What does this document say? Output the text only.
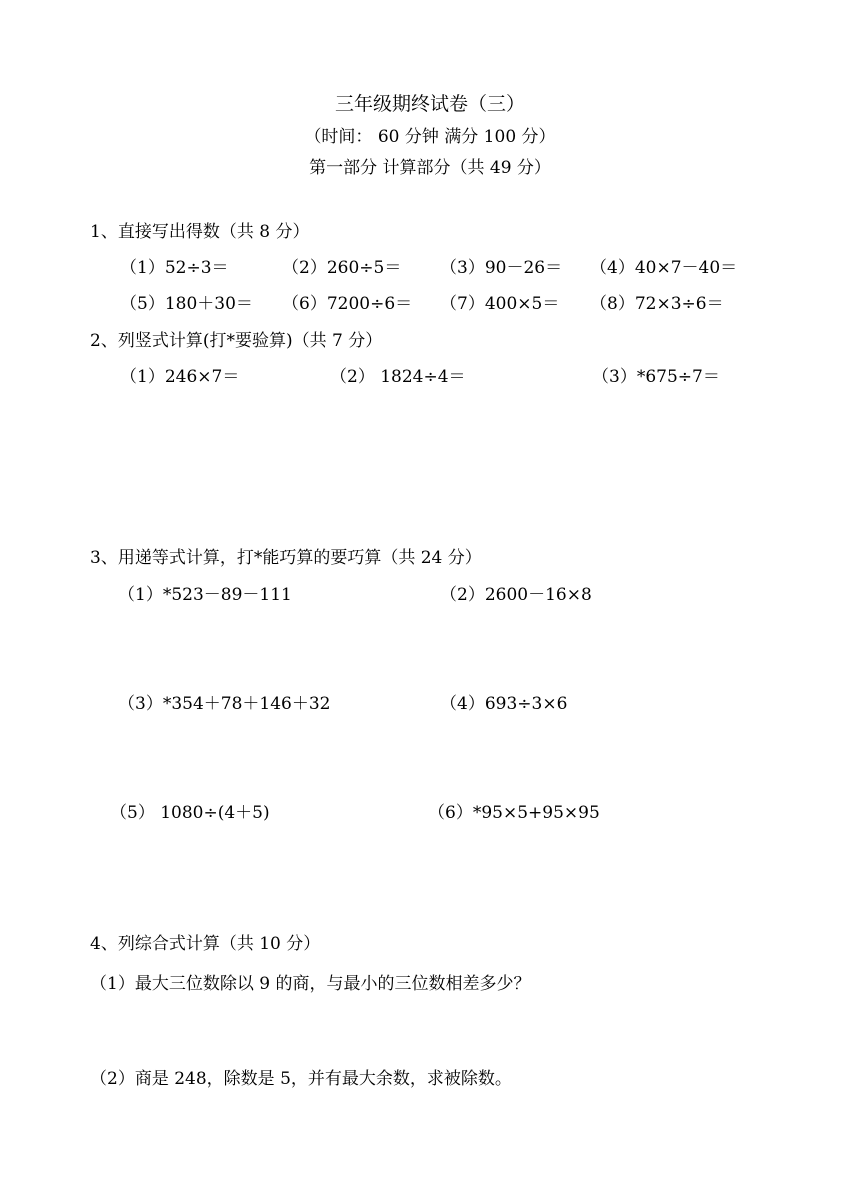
三年级期终试卷（三）
（时间： 60 分钟 满分 100 分）
第一部分 计算部分（共 49 分）
1、直接写出得数（共 8 分）
（1）52÷3＝	（2）260÷5＝ （3）90－26＝ （4）40×7－40＝
（5）180＋30＝ （6）7200÷6＝ （7）400×5＝ （8）72×3÷6＝
2、列竖式计算(打*要验算)（共 7 分）
（1）246×7＝	（2） 1824÷4＝	（3）*675÷7＝
3、用递等式计算，打*能巧算的要巧算（共 24 分）
（1）*523－89－111	（2）2600－16×8
（3）*354＋78＋146＋32	（4）693÷3×6
（5） 1080÷(4＋5)	（6）*95×5+95×95
4、列综合式计算（共 10 分）
（1）最大三位数除以 9 的商，与最小的三位数相差多少？
（2）商是 248，除数是 5，并有最大余数，求被除数。
